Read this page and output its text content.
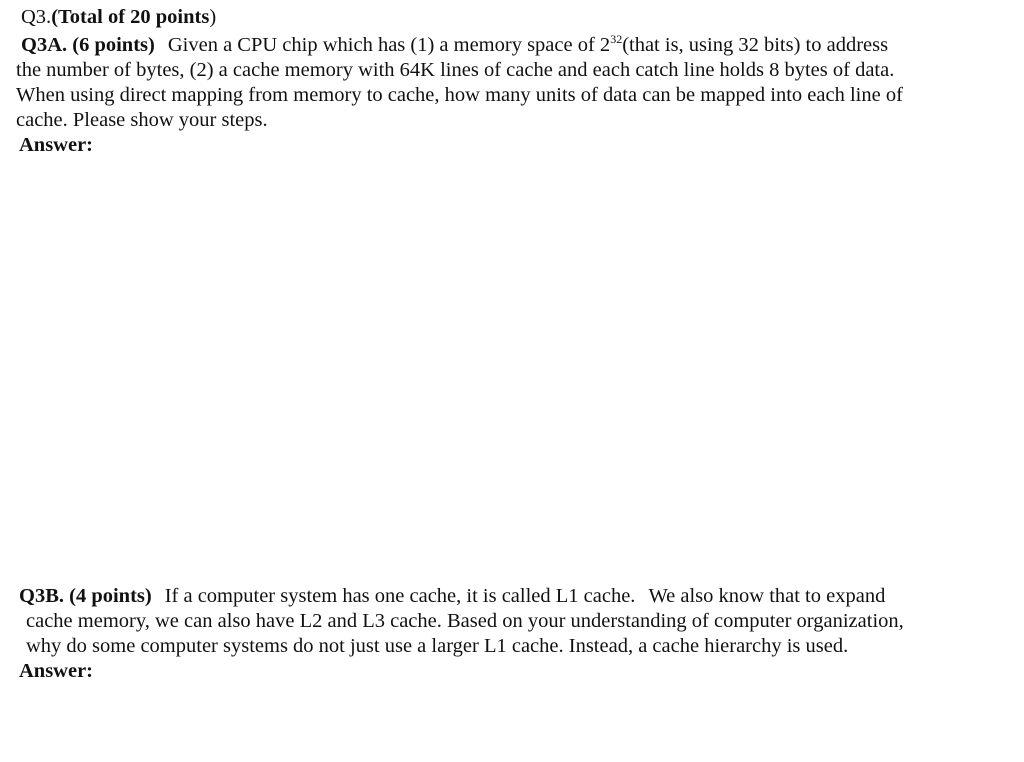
Q3.(Total of 20 points)
Q3A. (6 points) Given a CPU chip which has (1) a memory space of $2^{32}(that$ is, using 32 bits) to address
the number of bytes, (2) a cache memory with 64K lines of cache and each catch line holds 8 bytes of data.
When using direct mapping from memory to cache, how many units of data can be mapped into each line of
cache. Please show your steps.
Answer:
Q3B. (4 points) If a computer system has one cache, it is called L1 cache. We also know that to expand
cache memory, we can also have L2 and L3 cache. Based on your understanding of computer organization,
why do some computer systems do not just use a larger L1 cache. Instead, a cache hierarchy is used.
Answer:
